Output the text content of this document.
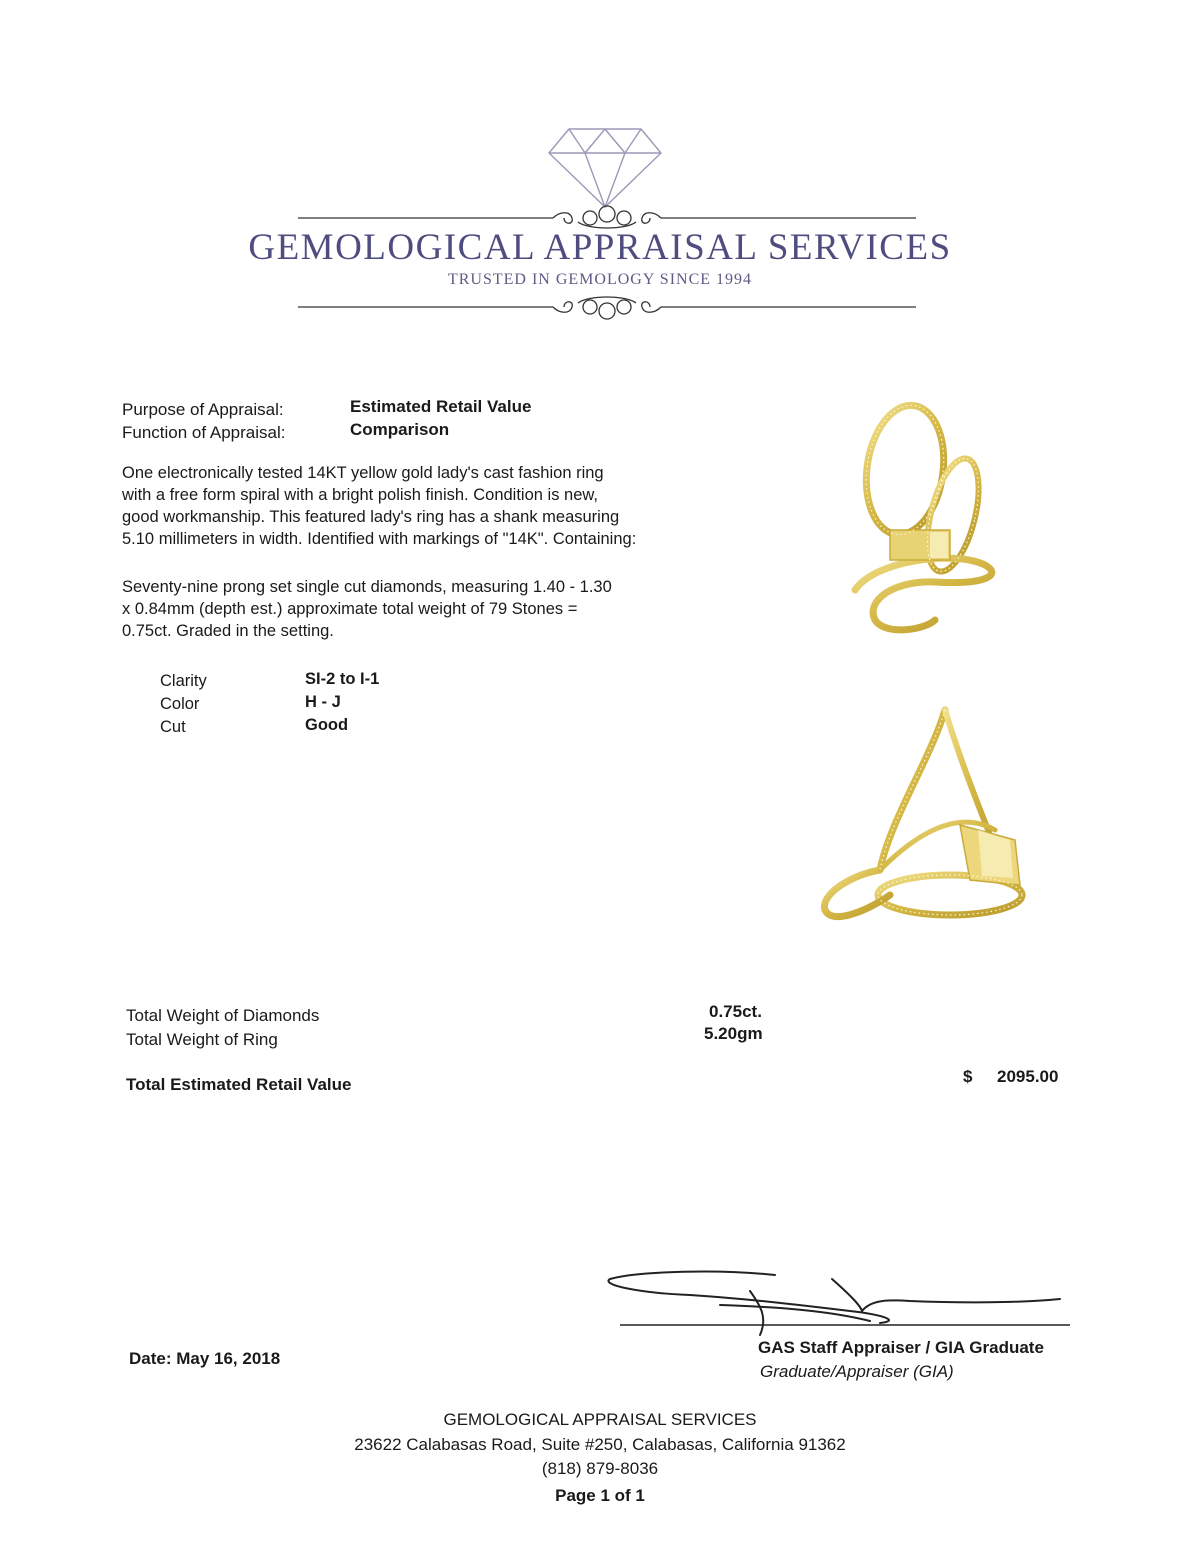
GEMOLOGICAL APPRAISAL SERVICES
TRUSTED IN GEMOLOGY SINCE 1994
Purpose of Appraisal:	Estimated Retail Value
Function of Appraisal:	Comparison
One electronically tested 14KT yellow gold lady's cast fashion ring
with a free form spiral with a bright polish finish. Condition is new,
good workmanship. This featured lady's ring has a shank measuring
5.10 millimeters in width. Identified with markings of "14K". Containing:
Seventy-nine prong set single cut diamonds, measuring 1.40 - 1.30
x 0.84mm (depth est.) approximate total weight of 79 Stones =
0.75ct. Graded in the setting.
Clarity	SI-2 to I-1
Color	H - J
Cut	Good
Total Weight of Diamonds	0.75ct.
Total Weight of Ring	5.20gm
Total Estimated Retail Value	$ 2095.00
GAS Staff Appraiser / GIA Graduate
Graduate/Appraiser (GIA)
Date: May 16, 2018
GEMOLOGICAL APPRAISAL SERVICES
23622 Calabasas Road, Suite #250, Calabasas, California 91362
(818) 879-8036
Page 1 of 1
